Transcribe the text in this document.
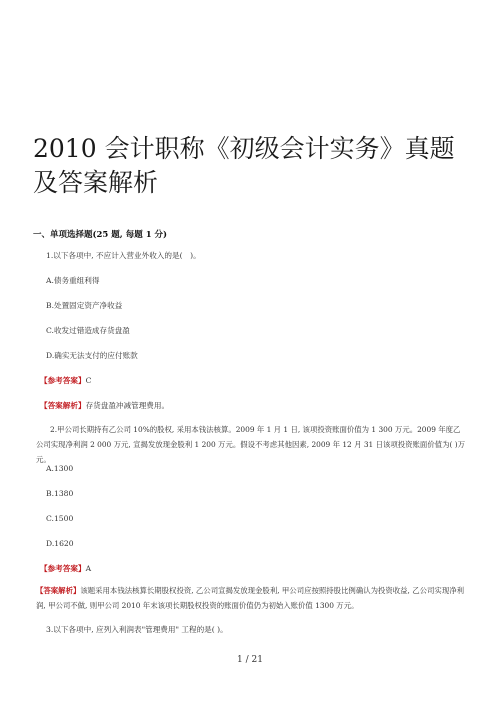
2010 会计职称《初级会计实务》真题及答案解析
一、单项选择题(25 题, 每题 1 分)
1.以下各项中, 不应计入营业外收入的是(　)。
A.债务重组利得
B.处置固定资产净收益
C.收发过错造成存货盘盈
D.确实无法支付的应付账款
【参考答案】C
【答案解析】存货盘盈冲减管理费用。
2.甲公司长期持有乙公司 10%的股权, 采用本钱法核算。2009 年 1 月 1 日, 该项投资账面价值为 1 300 万元。2009 年度乙公司实现净利润 2 000 万元, 宣揭发放现金股利 1 200 万元。假设不考虑其他因素, 2009 年 12 月 31 日该项投资账面价值为( )万元。
A.1300
B.1380
C.1500
D.1620
【参考答案】A
【答案解析】该题采用本钱法核算长期股权投资, 乙公司宣揭发放现金股利, 甲公司应按照持股比例确认为投资收益, 乙公司实现净利润, 甲公司不做, 则甲公司 2010 年末该项长期股权投资的账面价值仍为初始入账价值 1300 万元。
3.以下各项中, 应列入利润表"管理费用" 工程的是( )。
1 / 21
